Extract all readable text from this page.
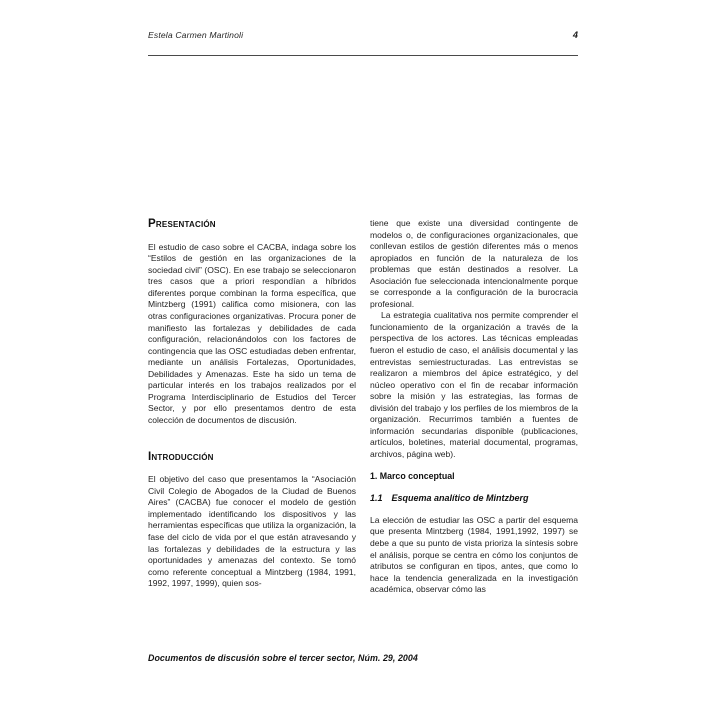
Estela Carmen Martinoli	4
Presentación

El estudio de caso sobre el CACBA, indaga sobre los “Estilos de gestión en las organizaciones de la sociedad civil” (OSC). En ese trabajo se seleccionaron tres casos que a priori respondían a híbridos diferentes porque combinan la forma específica, que Mintzberg (1991) califica como misionera, con las otras configuraciones organizativas. Procura poner de manifiesto las fortalezas y debilidades de cada configuración, relacionándolos con los factores de contingencia que las OSC estudiadas deben enfrentar, mediante un análisis Fortalezas, Oportunidades, Debilidades y Amenazas. Este ha sido un tema de particular interés en los trabajos realizados por el Programa Interdisciplinario de Estudios del Tercer Sector, y por ello presentamos dentro de esta colección de documentos de discusión.

Introducción

El objetivo del caso que presentamos la “Asociación Civil Colegio de Abogados de la Ciudad de Buenos Aires” (CACBA) fue conocer el modelo de gestión implementado identificando los dispositivos y las herramientas específicas que utiliza la organización, la fase del ciclo de vida por el que están atravesando y las fortalezas y debilidades de la estructura y las oportunidades y amenazas del contexto. Se tomó como referente conceptual a Mintzberg (1984, 1991, 1992, 1997, 1999), quien sos-

tiene que existe una diversidad contingente de modelos o, de configuraciones organizacionales, que conllevan estilos de gestión diferentes más o menos apropiados en función de la naturaleza de los problemas que están destinados a resolver. La Asociación fue seleccionada intencionalmente porque se corresponde a la configuración de la burocracia profesional.

La estrategia cualitativa nos permite comprender el funcionamiento de la organización a través de la perspectiva de los actores. Las técnicas empleadas fueron el estudio de caso, el análisis documental y las entrevistas semiestructuradas. Las entrevistas se realizaron a miembros del ápice estratégico, y del núcleo operativo con el fin de recabar información sobre la misión y las estrategias, las formas de división del trabajo y los perfiles de los miembros de la organización. Recurrimos también a fuentes de información secundarias disponible (publicaciones, artículos, boletines, material documental, programas, archivos, página web).

1. Marco conceptual
1.1 Esquema analítico de Mintzberg

La elección de estudiar las OSC a partir del esquema que presenta Mintzberg (1984, 1991,1992, 1997) se debe a que su punto de vista prioriza la síntesis sobre el análisis, porque se centra en cómo los conjuntos de atributos se configuran en tipos, antes, que como lo hace la tendencia generalizada en la investigación académica, observar cómo las

Documentos de discusión sobre el tercer sector, Núm. 29, 2004
